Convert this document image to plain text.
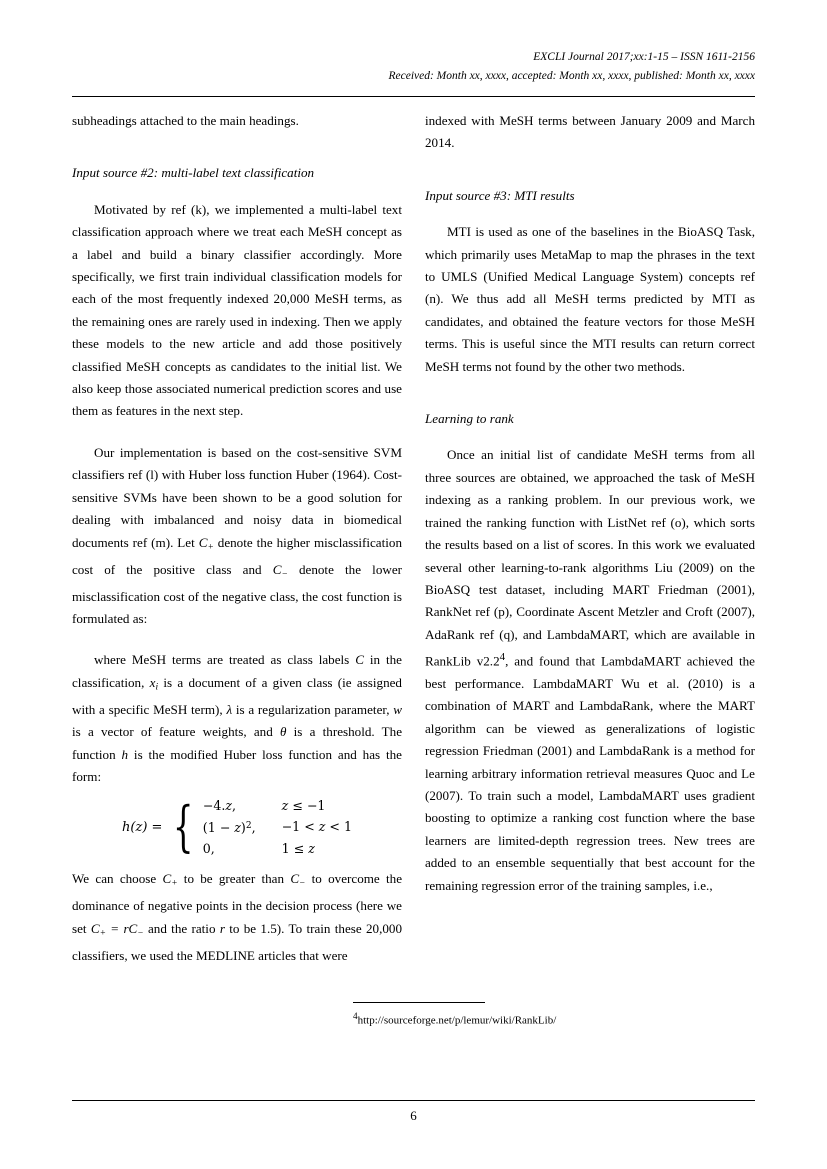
EXCLI Journal 2017;xx:1-15 – ISSN 1611-2156
Received: Month xx, xxxx, accepted: Month xx, xxxx, published: Month xx, xxxx

subheadings attached to the main headings.

Input source #2: multi-label text classification

Motivated by ref (k), we implemented a multi-label text classification approach where we treat each MeSH concept as a label and build a binary classifier accordingly. More specifically, we first train individual classification models for each of the most frequently indexed 20,000 MeSH terms, as the remaining ones are rarely used in indexing. Then we apply these models to the new article and add those positively classified MeSH concepts as candidates to the initial list. We also keep those associated numerical prediction scores and use them as features in the next step.

Our implementation is based on the cost-sensitive SVM classifiers ref (l) with Huber loss function Huber (1964). Cost-sensitive SVMs have been shown to be a good solution for dealing with imbalanced and noisy data in biomedical documents ref (m). Let $C_+$ denote the higher misclassification cost of the positive class and $C_-$ denote the lower misclassification cost of the negative class, the cost function is formulated as:

where MeSH terms are treated as class labels C in the classification, $x_i$ is a document of a given class (ie assigned with a specific MeSH term), λ is a regularization parameter, w is a vector of feature weights, and θ is a threshold. The function h is the modified Huber loss function and has the form:

h(z) = { −4.z,	z ≤ −1
$(1 - z)^2$, −1 < z < 1
0,	1 ≤ z

We can choose $C_+$ to be greater than $C_-$ to overcome the dominance of negative points in the decision process (here we set $C_+ = rC_-$ and the ratio r to be 1.5). To train these 20,000 classifiers, we used the MEDLINE articles that were

indexed with MeSH terms between January 2009 and March 2014.

Input source #3: MTI results

MTI is used as one of the baselines in the BioASQ Task, which primarily uses MetaMap to map the phrases in the text to UMLS (Unified Medical Language System) concepts ref (n). We thus add all MeSH terms predicted by MTI as candidates, and obtained the feature vectors for those MeSH terms. This is useful since the MTI results can return correct MeSH terms not found by the other two methods.

Learning to rank

Once an initial list of candidate MeSH terms from all three sources are obtained, we approached the task of MeSH indexing as a ranking problem. In our previous work, we trained the ranking function with ListNet ref (o), which sorts the results based on a list of scores. In this work we evaluated several other learning-to-rank algorithms Liu (2009) on the BioASQ test dataset, including MART Friedman (2001), RankNet ref (p), Coordinate Ascent Metzler and Croft (2007), AdaRank ref (q), and LambdaMART, which are available in RankLib $v2.2^4$, and found that LambdaMART achieved the best performance. LambdaMART Wu et al. (2010) is a combination of MART and LambdaRank, where the MART algorithm can be viewed as generalizations of logistic regression Friedman (2001) and LambdaRank is a method for learning arbitrary information retrieval measures Quoc and Le (2007). To train such a model, LambdaMART uses gradient boosting to optimize a ranking cost function where the base learners are limited-depth regression trees. New trees are added to an ensemble sequentially that best account for the remaining regression error of the training samples, i.e.,

$^4$http://sourceforge.net/p/lemur/wiki/RankLib/
6
